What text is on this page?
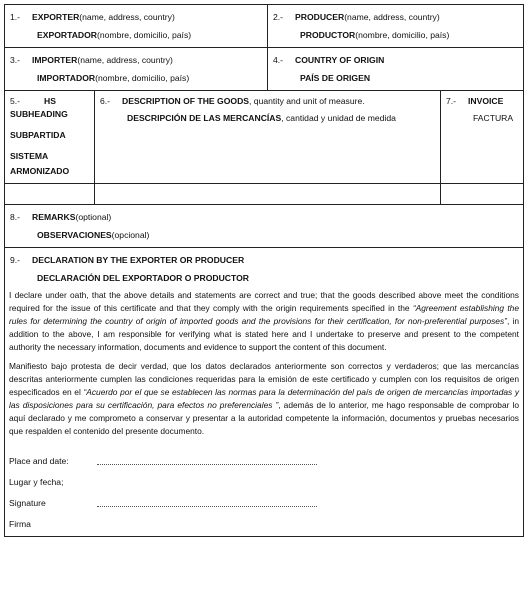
1.-	EXPORTER (name, address, country)
EXPORTADOR (nombre, domicilio, país)
2.-	PRODUCER (name, address, country)
PRODUCTOR (nombre, domicilio, país)
3.-	IMPORTER (name, address, country)
IMPORTADOR (nombre, domicilio, país)
4.-	COUNTRY OF ORIGIN
PAÍS DE ORIGEN
5.-	HS
SUBHEADING
SUBPARTIDA
SISTEMA
ARMONIZADO
6.-	DESCRIPTION OF THE GOODS , quantity and unit of measure.
DESCRIPCIÓN DE LAS MERCANCÍAS , cantidad y unidad de medida
7.-	INVOICE
FACTURA
8.-	REMARKS (optional)
OBSERVACIONES (opcional)
9.-	DECLARATION BY THE EXPORTER OR PRODUCER
DECLARACIÓN DEL EXPORTADOR O PRODUCTOR
I declare under oath, that the above details and statements are correct and true; that the goods described above meet the conditions required for the issue of this certificate and that they comply with the origin requirements specified in the “Agreement establishing the rules for determining the country of origin of imported goods and the provisions for their certification, for non-preferential purposes”, in addition to the above, I am responsible for verifying what is stated here and I undertake to preserve and present to the competent authority the necessary information, documents and evidence to support the content of this document.
Manifiesto bajo protesta de decir verdad, que los datos declarados anteriormente son correctos y verdaderos; que las mercancías descritas anteriormente cumplen las condiciones requeridas para la emisión de este certificado y cumplen con los requisitos de origen especificados en el “Acuerdo por el que se establecen las normas para la determinación del país de origen de mercancías importadas y las disposiciones para su certificación, para efectos no preferenciales ”, además de lo anterior, me hago responsable de comprobar lo aquí declarado y me comprometo a conservar y presentar a la autoridad competente la información, documentos y pruebas necesarios que respalden el contenido del presente documento.
Place and date:
Lugar y fecha;
Signature
Firma
